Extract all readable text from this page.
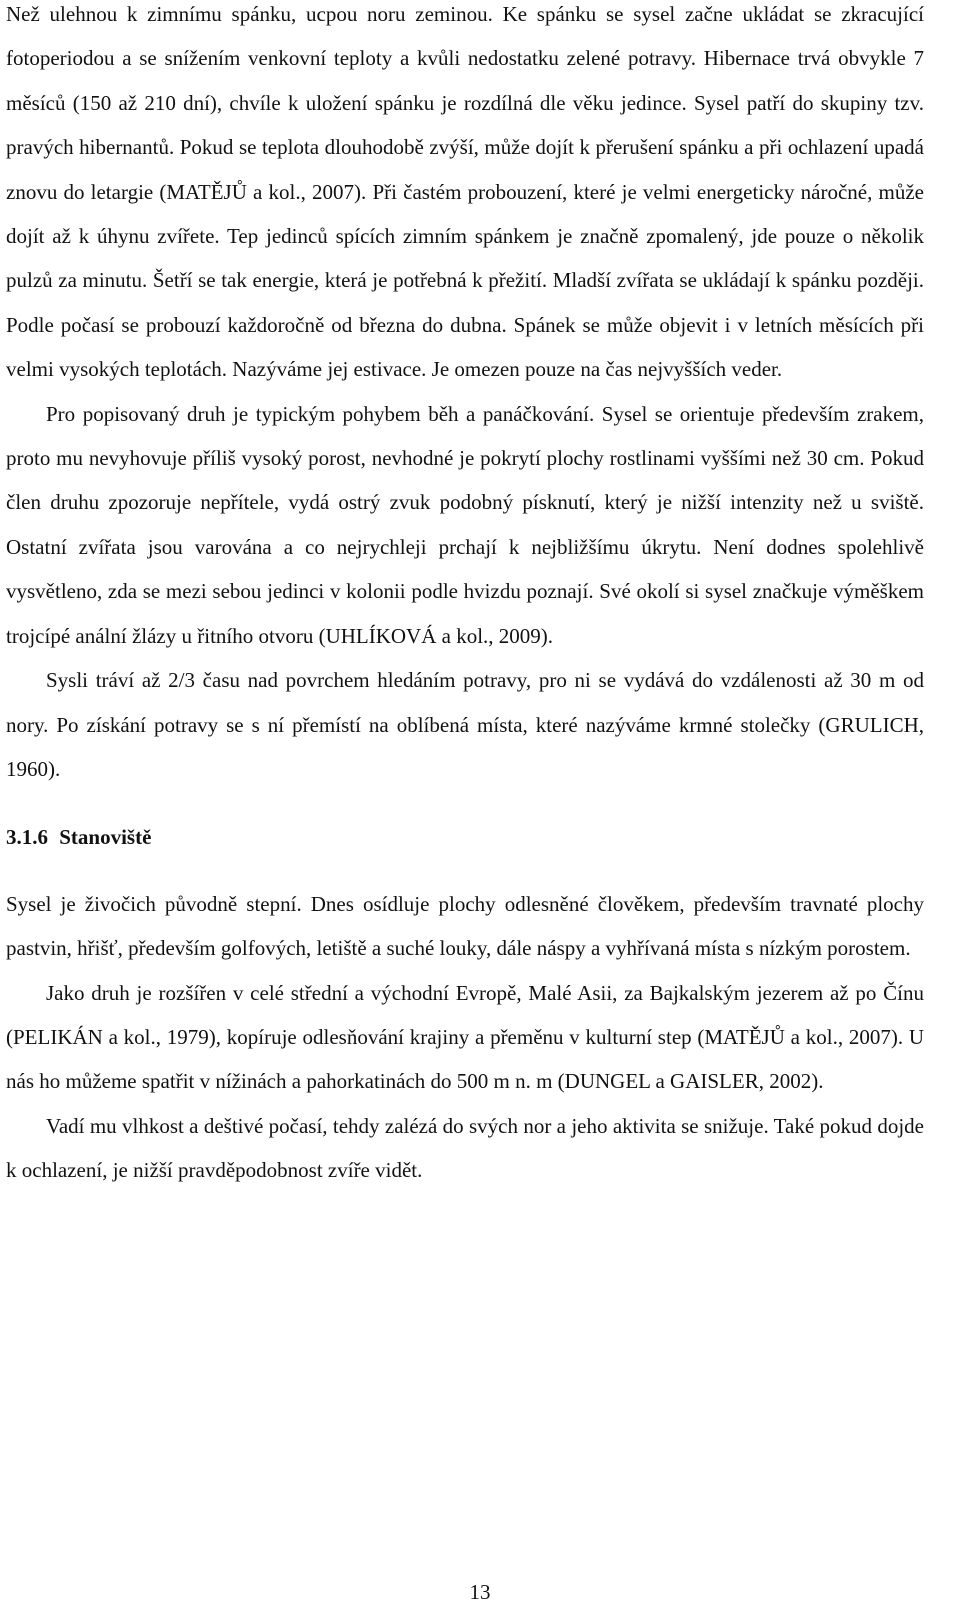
Než ulehnou k zimnímu spánku, ucpou noru zeminou. Ke spánku se sysel začne ukládat se zkracující fotoperiodou a se snížením venkovní teploty a kvůli nedostatku zelené potravy. Hibernace trvá obvykle 7 měsíců (150 až 210 dní), chvíle k uložení spánku je rozdílná dle věku jedince. Sysel patří do skupiny tzv. pravých hibernantů. Pokud se teplota dlouhodobě zvýší, může dojít k přerušení spánku a při ochlazení upadá znovu do letargie (MATĚJŮ a kol., 2007). Při častém probouzení, které je velmi energeticky náročné, může dojít až k úhynu zvířete. Tep jedinců spících zimním spánkem je značně zpomalený, jde pouze o několik pulzů za minutu. Šetří se tak energie, která je potřebná k přežití. Mladší zvířata se ukládají k spánku později. Podle počasí se probouzí každoročně od března do dubna. Spánek se může objevit i v letních měsících při velmi vysokých teplotách. Nazýváme jej estivace. Je omezen pouze na čas nejvyšších veder.

Pro popisovaný druh je typickým pohybem běh a panáčkování. Sysel se orientuje především zrakem, proto mu nevyhovuje příliš vysoký porost, nevhodné je pokrytí plochy rostlinami vyššími než 30 cm. Pokud člen druhu zpozoruje nepřítele, vydá ostrý zvuk podobný písknutí, který je nižší intenzity než u sviště. Ostatní zvířata jsou varována a co nejrychleji prchají k nejbližšímu úkrytu. Není dodnes spolehlivě vysvětleno, zda se mezi sebou jedinci v kolonii podle hvizdu poznají. Své okolí si sysel značkuje výměškem trojcípé anální žlázy u řitního otvoru (UHLÍKOVÁ a kol., 2009).

Sysli tráví až 2/3 času nad povrchem hledáním potravy, pro ni se vydává do vzdálenosti až 30 m od nory. Po získání potravy se s ní přemístí na oblíbená místa, které nazýváme krmné stolečky (GRULICH, 1960).

3.1.6 Stanoviště

Sysel je živočich původně stepní. Dnes osídluje plochy odlesněné člověkem, především travnaté plochy pastvin, hřišť, především golfových, letiště a suché louky, dále náspy a vyhřívaná místa s nízkým porostem.

Jako druh je rozšířen v celé střední a východní Evropě, Malé Asii, za Bajkalským jezerem až po Čínu (PELIKÁN a kol., 1979), kopíruje odlesňování krajiny a přeměnu v kulturní step (MATĚJŮ a kol., 2007). U nás ho můžeme spatřit v nížinách a pahorkatinách do 500 m n. m (DUNGEL a GAISLER, 2002).

Vadí mu vlhkost a deštivé počasí, tehdy zalézá do svých nor a jeho aktivita se snižuje. Také pokud dojde k ochlazení, je nižší pravděpodobnost zvíře vidět.

13
